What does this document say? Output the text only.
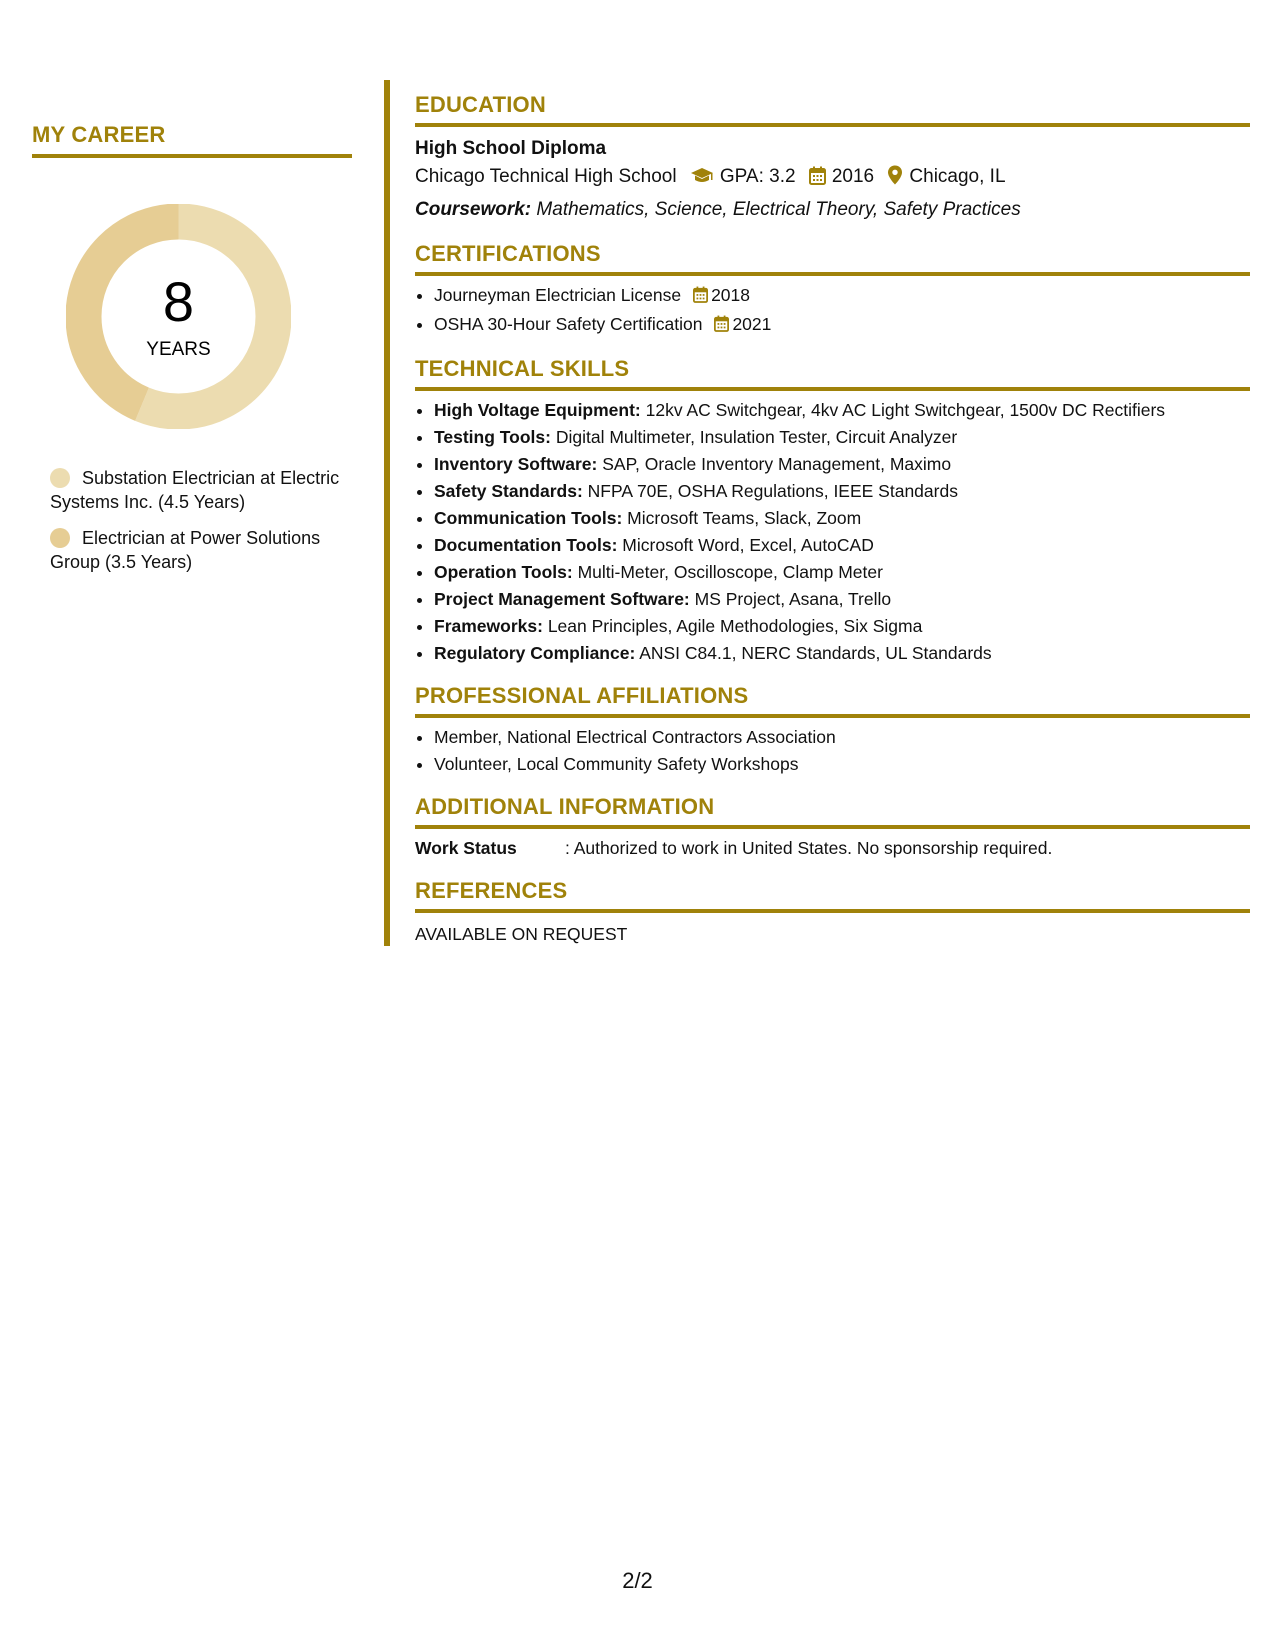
MY CAREER
8
YEARS
Substation Electrician at Electric Systems Inc. (4.5 Years)
Electrician at Power Solutions Group (3.5 Years)
EDUCATION
High School Diploma
Chicago Technical High School GPA: 3.2 2016 Chicago, IL
Coursework: Mathematics, Science, Electrical Theory, Safety Practices
CERTIFICATIONS
• Journeyman Electrician License 2018
• OSHA 30-Hour Safety Certification 2021
TECHNICAL SKILLS
• High Voltage Equipment: 12kv AC Switchgear, 4kv AC Light Switchgear, 1500v DC Rectifiers
• Testing Tools: Digital Multimeter, Insulation Tester, Circuit Analyzer
• Inventory Software: SAP, Oracle Inventory Management, Maximo
• Safety Standards: NFPA 70E, OSHA Regulations, IEEE Standards
• Communication Tools: Microsoft Teams, Slack, Zoom
• Documentation Tools: Microsoft Word, Excel, AutoCAD
• Operation Tools: Multi-Meter, Oscilloscope, Clamp Meter
• Project Management Software: MS Project, Asana, Trello
• Frameworks: Lean Principles, Agile Methodologies, Six Sigma
• Regulatory Compliance: ANSI C84.1, NERC Standards, UL Standards
PROFESSIONAL AFFILIATIONS
• Member, National Electrical Contractors Association
• Volunteer, Local Community Safety Workshops
ADDITIONAL INFORMATION
Work Status	: Authorized to work in United States. No sponsorship required.
REFERENCES
AVAILABLE ON REQUEST
2/2
